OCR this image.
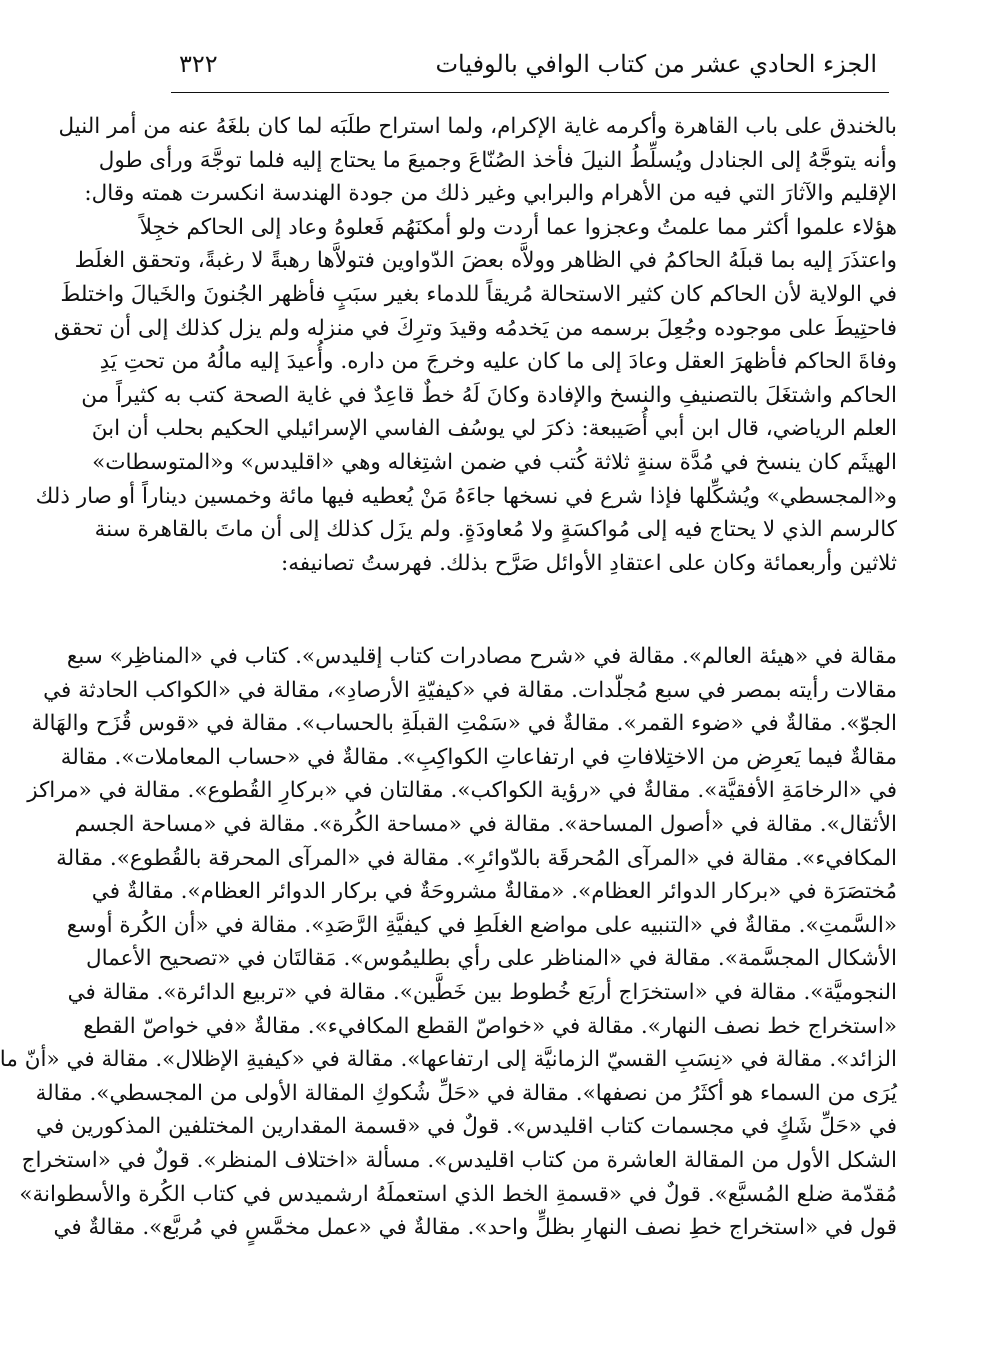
الجزء الحادي عشر من كتاب الوافي بالوفيات
٣٢٢
بالخندق على باب القاهرة وأكرمه غاية الإكرام، ولما استراح طلَبَه لما كان بلغَهُ عنه من أمر النيل
وأنه يتوجَّهُ إلى الجنادل ويُسلِّطُ النيلَ فأخذ الصُنّاعَ وجميعَ ما يحتاج إليه فلما توجَّهَ ورأى طول
الإقليم والآثارَ التي فيه من الأهرام والبرابي وغير ذلك من جودة الهندسة انكسرت همته وقال:
هؤلاء علموا أكثر مما علمتُ وعجزوا عما أردت ولو أمكنَهُم فَعلوهُ وعاد إلى الحاكم خجِلاً
واعتذَرَ إليه بما قبلَهُ الحاكمُ في الظاهر وولاَّه بعضَ الدّواوين فتولاَّها رهبةً لا رغبةً، وتحقق الغلَط
في الولاية لأن الحاكم كان كثير الاستحالة مُريقاً للدماء بغير سبَبٍ فأظهر الجُنونَ والخَيالَ واختلطَ
فاحتِيطَ على موجوده وجُعِلَ برسمه من يَخدمُه وقيدَ وترِكَ في منزله ولم يزل كذلك إلى أن تحقق
وفاةَ الحاكم فأظهرَ العقل وعادَ إلى ما كان عليه وخرجَ من داره. وأُعيدَ إليه مالُهُ من تحتِ يَدِ
الحاكم واشتغَلَ بالتصنيفِ والنسخ والإفادة وكانَ لَهُ خطٌ قاعِدٌ في غاية الصحة كتب به كثيراً من
العلم الرياضي، قال ابن أبي أُصَيبعة: ذكرَ لي يوسُف الفاسي الإسرائيلي الحكيم بحلب أن ابنَ
الهيثَم كان ينسخ في مُدَّة سنةٍ ثلاثة كُتب في ضمن اشتِغاله وهي «اقليدس» و«المتوسطات»
و«المجسطي» ويُشكِّلها فإذا شرع في نسخها جاءَهُ مَنْ يُعطيه فيها مائة وخمسين ديناراً أو صار ذلك
كالرسم الذي لا يحتاج فيه إلى مُواكسَةٍ ولا مُعاودَةٍ. ولم يزَل كذلك إلى أن ماتَ بالقاهرة سنة
ثلاثين وأربعمائة وكان على اعتقادِ الأوائل صَرَّح بذلك. فهرستُ تصانيفه:
مقالة في «هيئة العالم». مقالة في «شرح مصادرات كتاب إقليدس». كتاب في «المناظِر» سبع
مقالات رأيته بمصر في سبع مُجلّدات. مقالة في «كيفيّةِ الأرصادِ»، مقالة في «الكواكب الحادثة في
الجوّ». مقالةٌ في «ضوء القمر». مقالةٌ في «سَمْتِ القبلَةِ بالحساب». مقالة في «قوس قُزَح والهَالة
مقالةٌ فيما يَعرِض من الاختِلافاتِ في ارتفاعاتِ الكواكِبِ». مقالةٌ في «حساب المعاملات». مقالة
في «الرخامَةِ الأفقيَّة». مقالةٌ في «رؤية الكواكب». مقالتان في «بركارِ القُطوع». مقالة في «مراكز
الأثقال». مقالة في «أصول المساحة». مقالة في «مساحة الكُرة». مقالة في «مساحة الجسم
المكافيء». مقالة في «المرآى المُحرقَة بالدّوائرِ». مقالة في «المرآى المحرقة بالقُطوع». مقالة
مُختصَرَة في «بركار الدوائر العظام». «مقالةٌ مشروحَةٌ في بركار الدوائر العظام». مقالةٌ في
«السَّمتِ». مقالةٌ في «التنبيه على مواضع الغلَطِ في كيفيَّةِ الرَّصَدِ». مقالة في «أن الكُرة أوسع
الأشكال المجسَّمة». مقالة في «المناظر على رأي بطليمُوس». مَقالتَان في «تصحيح الأعمال
النجوميَّة». مقالة في «استخرَاج أربَع خُطوط بين خَطَّين». مقالة في «تربيع الدائرة». مقالة في
«استخراج خط نصف النهار». مقالة في «خواصّ القطع المكافيء». مقالةٌ «في خواصّ القطع
الزائد». مقالة في «نِسَبِ القسيّ الزمانيَّة إلى ارتفاعها». مقالة في «كيفيةِ الإظلال». مقالة في «أنّ ما
يُرَى من السماء هو أكثَرُ من نصفها». مقالة في «حَلِّ شُكوكِ المقالة الأولى من المجسطي». مقالة
في «حَلِّ شَكٍ في مجسمات كتاب اقليدس». قولٌ في «قسمة المقدارين المختلفين المذكورين في
الشكل الأول من المقالة العاشرة من كتاب اقليدس». مسألة «اختلاف المنظر». قولٌ في «استخراج
مُقدّمة ضلع المُسبَّع». قولٌ في «قسمةِ الخط الذي استعملَهُ ارشميدس في كتاب الكُرة والأسطوانة»
قول في «استخراج خطِ نصف النهارِ بظلٍّ واحد». مقالةٌ في «عمل مخمَّسٍ في مُربَّع». مقالةٌ في
